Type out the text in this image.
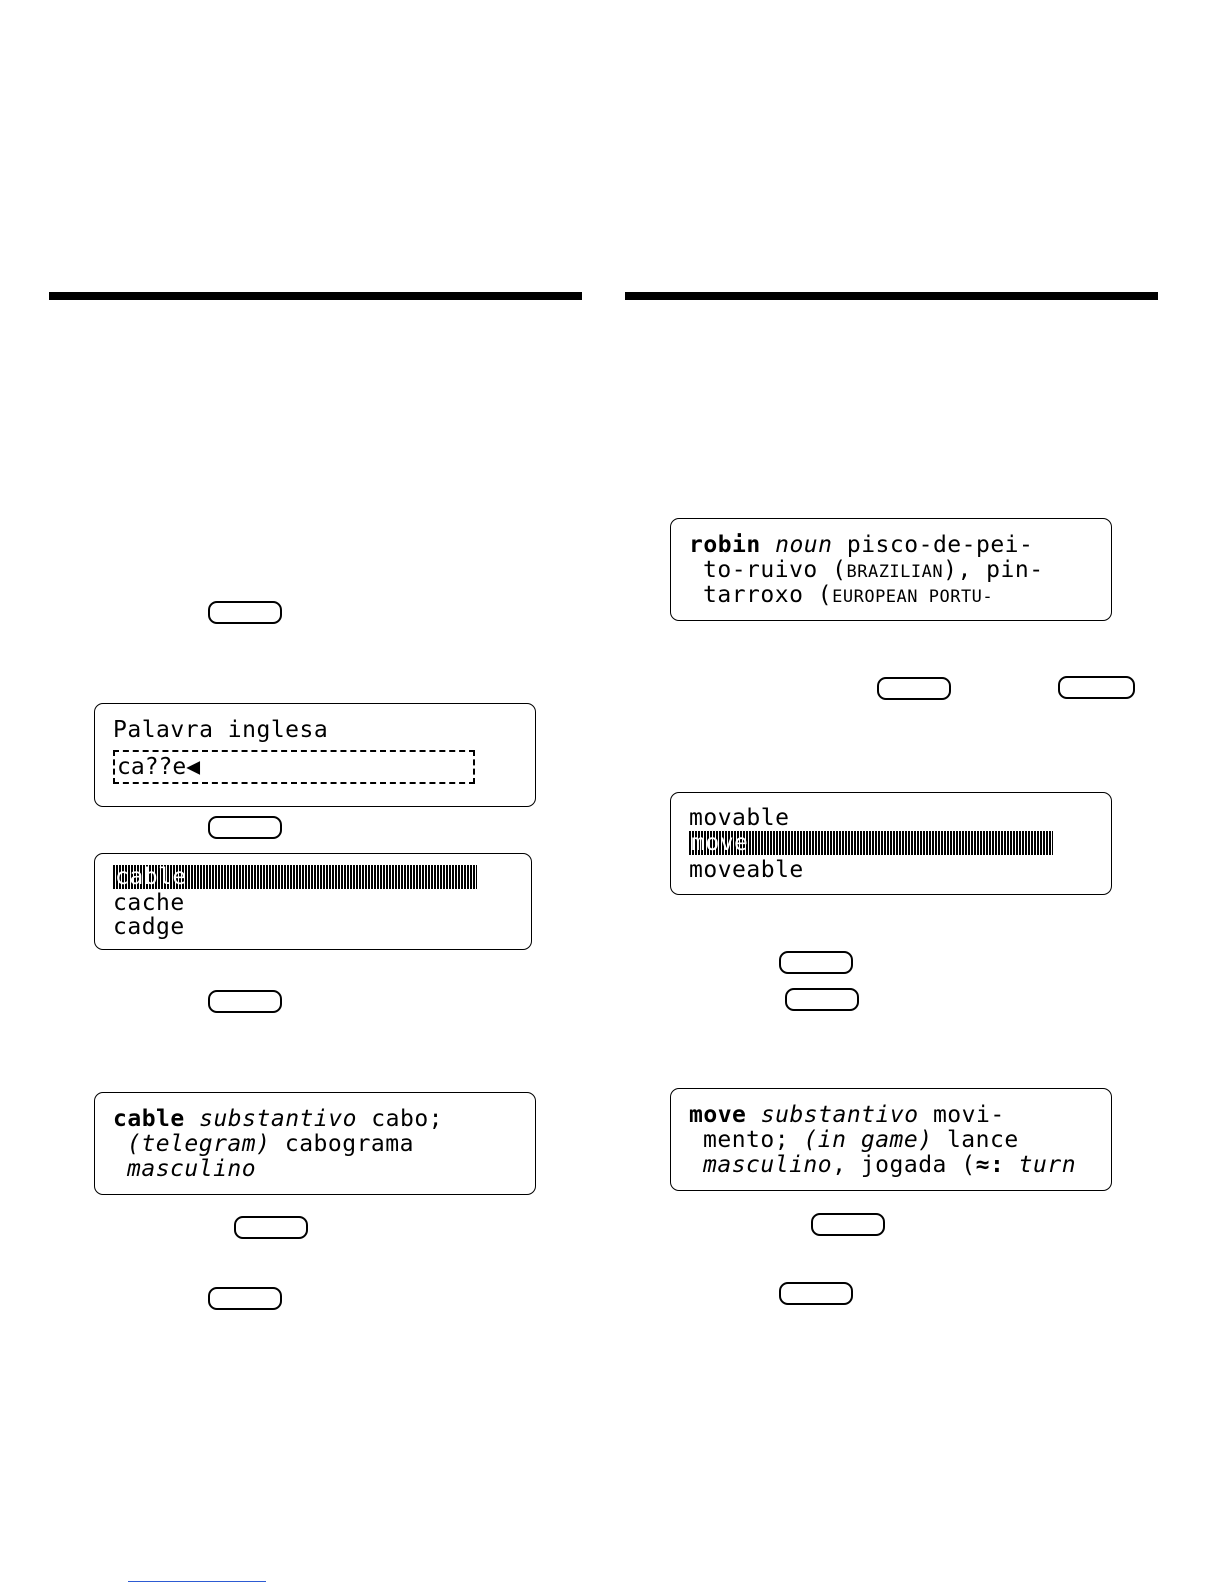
Palavra inglesa
ca??e◀
cable
cache
cadge
cable substantivo cabo;
(telegram) cabograma
masculino
robin noun pisco-de-pei-
to-ruivo (BRAZILIAN), pin-
tarroxo (EUROPEAN PORTU-
movable
move
moveable
move substantivo movi-
mento; (in game) lance
masculino, jogada (≈: turn
